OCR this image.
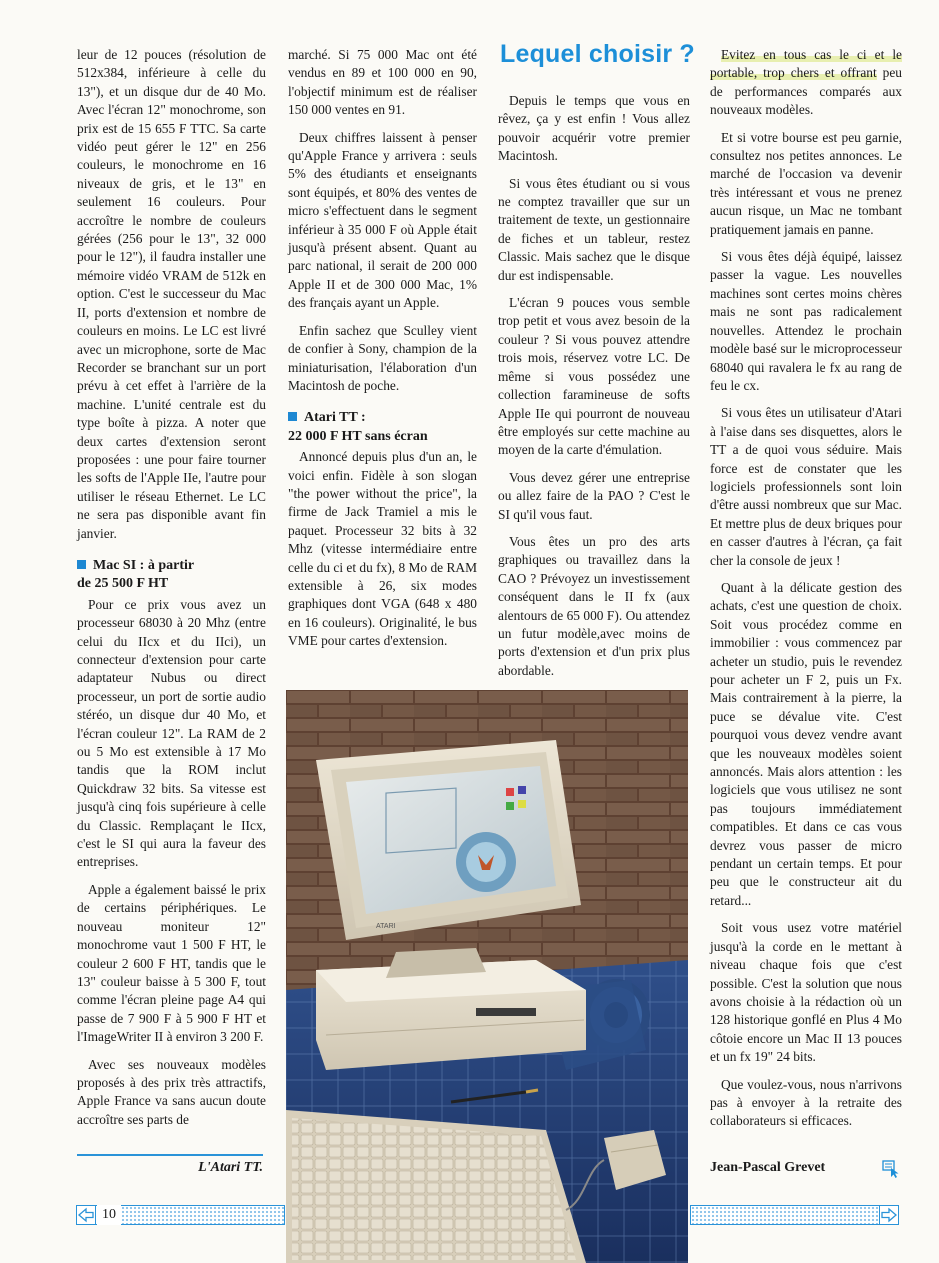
leur de 12 pouces (résolution de 512x384, inférieure à celle du 13"), et un disque dur de 40 Mo. Avec l'écran 12" monochrome, son prix est de 15 655 F TTC. Sa carte vidéo peut gérer le 12" en 256 couleurs, le monochrome en 16 niveaux de gris, et le 13" en seulement 16 couleurs. Pour accroître le nombre de couleurs gérées (256 pour le 13", 32 000 pour le 12"), il faudra installer une mémoire vidéo VRAM de 512k en option. C'est le successeur du Mac II, ports d'extension et nombre de couleurs en moins. Le LC est livré avec un microphone, sorte de Mac Recorder se branchant sur un port prévu à cet effet à l'arrière de la machine. L'unité centrale est du type boîte à pizza. A noter que deux cartes d'extension seront proposées : une pour faire tourner les softs de l'Apple IIe, l'autre pour utiliser le réseau Ethernet. Le LC ne sera pas disponible avant fin janvier.

Mac SI : à partir
de 25 500 F HT

Pour ce prix vous avez un processeur 68030 à 20 Mhz (entre celui du IIcx et du IIci), un connecteur d'extension pour carte adaptateur Nubus ou direct processeur, un port de sortie audio stéréo, un disque dur 40 Mo, et l'écran couleur 12". La RAM de 2 ou 5 Mo est extensible à 17 Mo tandis que la ROM inclut Quickdraw 32 bits. Sa vitesse est jusqu'à cinq fois supérieure à celle du Classic. Remplaçant le IIcx, c'est le SI qui aura la faveur des entreprises.

Apple a également baissé le prix de certains périphériques. Le nouveau moniteur 12" monochrome vaut 1 500 F HT, le couleur 2 600 F HT, tandis que le 13" couleur baisse à 5 300 F, tout comme l'écran pleine page A4 qui passe de 7 900 F à 5 900 F HT et l'ImageWriter II à environ 3 200 F.

Avec ses nouveaux modèles proposés à des prix très attractifs, Apple France va sans aucun doute accroître ses parts de

marché. Si 75 000 Mac ont été vendus en 89 et 100 000 en 90, l'objectif minimum est de réaliser 150 000 ventes en 91.

Deux chiffres laissent à penser qu'Apple France y arrivera : seuls 5% des étudiants et enseignants sont équipés, et 80% des ventes de micro s'effectuent dans le segment inférieur à 35 000 F où Apple était jusqu'à présent absent. Quant au parc national, il serait de 200 000 Apple II et de 300 000 Mac, 1% des français ayant un Apple.

Enfin sachez que Sculley vient de confier à Sony, champion de la miniaturisation, l'élaboration d'un Macintosh de poche.

Atari TT :
22 000 F HT sans écran

Annoncé depuis plus d'un an, le voici enfin. Fidèle à son slogan "the power without the price", la firme de Jack Tramiel a mis le paquet. Processeur 32 bits à 32 Mhz (vitesse intermédiaire entre celle du ci et du fx), 8 Mo de RAM extensible à 26, six modes graphiques dont VGA (648 x 480 en 16 couleurs). Originalité, le bus VME pour cartes d'extension.

Lequel choisir ?

Depuis le temps que vous en rêvez, ça y est enfin ! Vous allez pouvoir acquérir votre premier Macintosh.

Si vous êtes étudiant ou si vous ne comptez travailler que sur un traitement de texte, un gestionnaire de fiches et un tableur, restez Classic. Mais sachez que le disque dur est indispensable.

L'écran 9 pouces vous semble trop petit et vous avez besoin de la couleur ? Si vous pouvez attendre trois mois, réservez votre LC. De même si vous possédez une collection faramineuse de softs Apple IIe qui pourront de nouveau être employés sur cette machine au moyen de la carte d'émulation.

Vous devez gérer une entreprise ou allez faire de la PAO ? C'est le SI qu'il vous faut.

Vous êtes un pro des arts graphiques ou travaillez dans la CAO ? Prévoyez un investissement conséquent dans le II fx (aux alentours de 65 000 F). Ou attendez un futur modèle,avec moins de ports d'extension et d'un prix plus abordable.

Evitez en tous cas le ci et le portable, trop chers et offrant peu de performances comparés aux nouveaux modèles.

Et si votre bourse est peu garnie, consultez nos petites annonces. Le marché de l'occasion va devenir très intéressant et vous ne prenez aucun risque, un Mac ne tombant pratiquement jamais en panne.

Si vous êtes déjà équipé, laissez passer la vague. Les nouvelles machines sont certes moins chères mais ne sont pas radicalement nouvelles. Attendez le prochain modèle basé sur le microprocesseur 68040 qui ravalera le fx au rang de feu le cx.

Si vous êtes un utilisateur d'Atari à l'aise dans ses disquettes, alors le TT a de quoi vous séduire. Mais force est de constater que les logiciels professionnels sont loin d'être aussi nombreux que sur Mac. Et mettre plus de deux briques pour en casser d'autres à l'écran, ça fait cher la console de jeux !

Quant à la délicate gestion des achats, c'est une question de choix. Soit vous procédez comme en immobilier : vous commencez par acheter un studio, puis le revendez pour acheter un F 2, puis un Fx. Mais contrairement à la pierre, la puce se dévalue vite. C'est pourquoi vous devez vendre avant que les nouveaux modèles soient annoncés. Mais alors attention : les logiciels que vous utilisez ne sont pas toujours immédiatement compatibles. Et dans ce cas vous devrez vous passer de micro pendant un certain temps. Et pour peu que le constructeur ait du retard...

Soit vous usez votre matériel jusqu'à la corde en le mettant à niveau chaque fois que c'est possible. C'est la solution que nous avons choisie à la rédaction où un 128 historique gonflé en Plus 4 Mo côtoie encore un Mac II 13 pouces et un fx 19" 24 bits.

Que voulez-vous, nous n'arrivons pas à envoyer à la retraite des collaborateurs si efficaces.

ATARI
L'Atari TT.	Jean-Pascal Grevet
10
